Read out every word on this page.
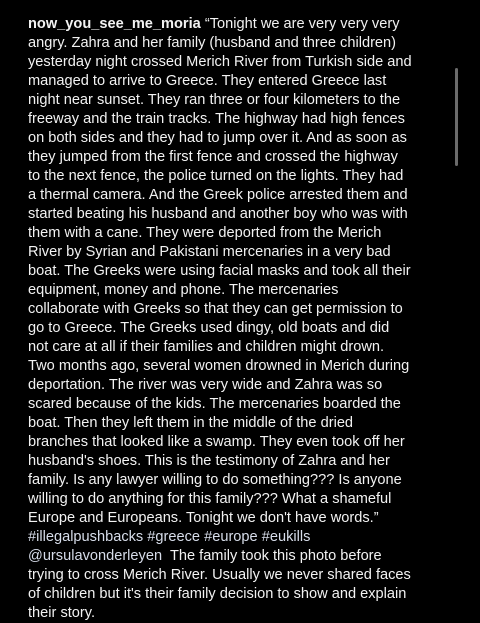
now_you_see_me_moria “Tonight we are very very very
angry. Zahra and her family (husband and three children)
yesterday night crossed Merich River from Turkish side and
managed to arrive to Greece. They entered Greece last
night near sunset. They ran three or four kilometers to the
freeway and the train tracks. The highway had high fences
on both sides and they had to jump over it. And as soon as
they jumped from the first fence and crossed the highway
to the next fence, the police turned on the lights. They had
a thermal camera. And the Greek police arrested them and
started beating his husband and another boy who was with
them with a cane. They were deported from the Merich
River by Syrian and Pakistani mercenaries in a very bad
boat. The Greeks were using facial masks and took all their
equipment, money and phone. The mercenaries
collaborate with Greeks so that they can get permission to
go to Greece. The Greeks used dingy, old boats and did
not care at all if their families and children might drown.
Two months ago, several women drowned in Merich during
deportation. The river was very wide and Zahra was so
scared because of the kids. The mercenaries boarded the
boat. Then they left them in the middle of the dried
branches that looked like a swamp. They even took off her
husband's shoes. This is the testimony of Zahra and her
family. Is any lawyer willing to do something??? Is anyone
willing to do anything for this family??? What a shameful
Europe and Europeans. Tonight we don't have words.”
#illegalpushbacks #greece #europe #eukills
@ursulavonderleyen The family took this photo before
trying to cross Merich River. Usually we never shared faces
of children but it's their family decision to show and explain
their story.
